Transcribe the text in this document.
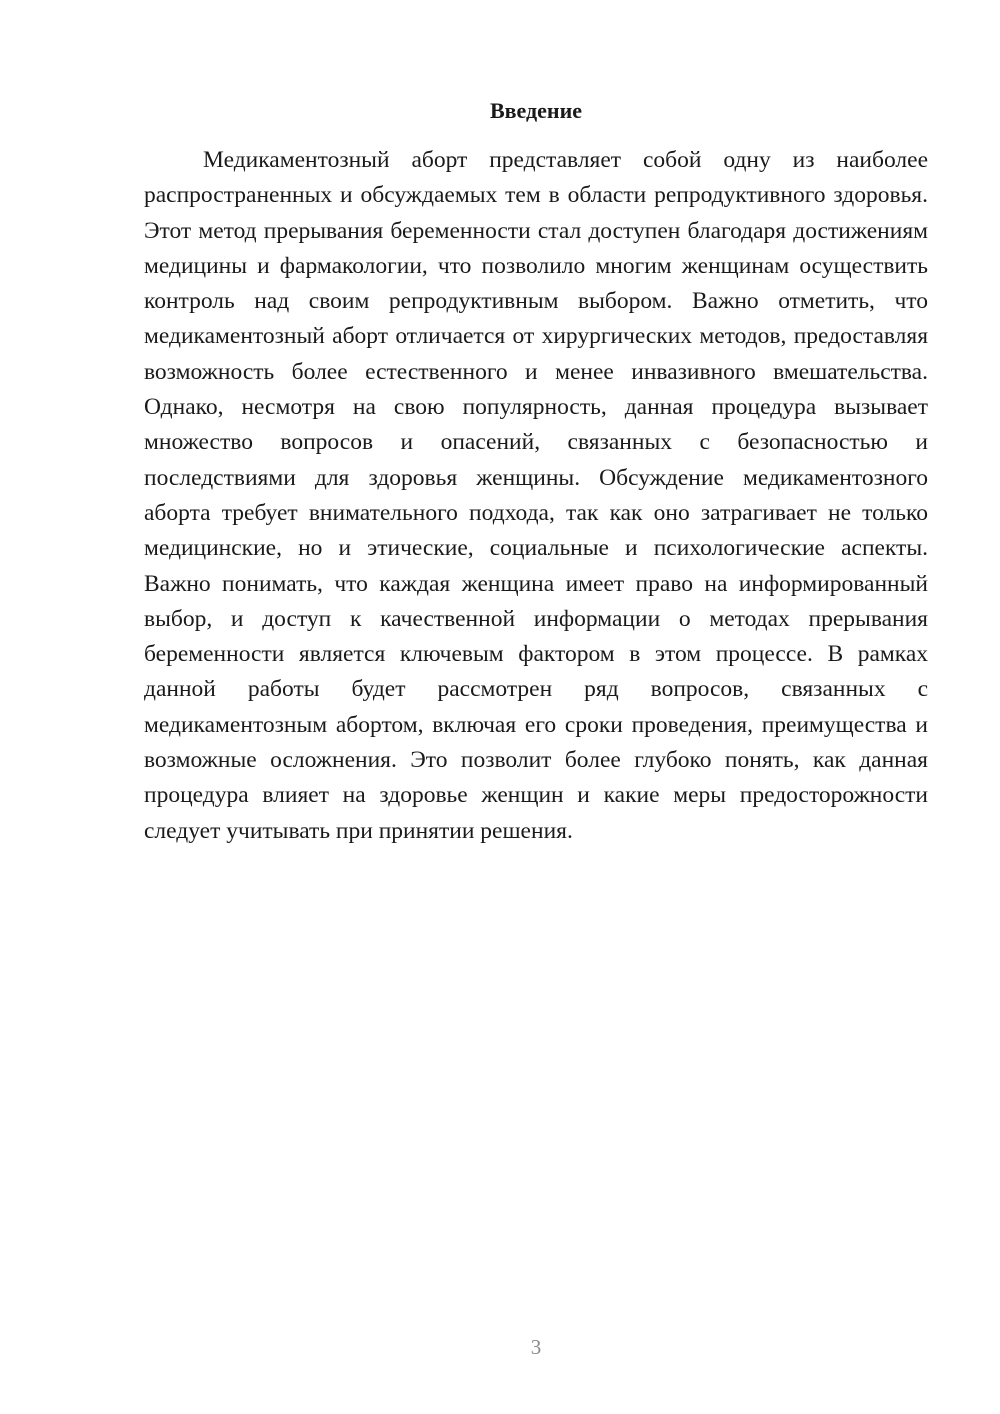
Введение

Медикаментозный аборт представляет собой одну из наиболее распространенных и обсуждаемых тем в области репродуктивного здоровья. Этот метод прерывания беременности стал доступен благодаря достижениям медицины и фармакологии, что позволило многим женщинам осуществить контроль над своим репродуктивным выбором. Важно отметить, что медикаментозный аборт отличается от хирургических методов, предоставляя возможность более естественного и менее инвазивного вмешательства. Однако, несмотря на свою популярность, данная процедура вызывает множество вопросов и опасений, связанных с безопасностью и последствиями для здоровья женщины. Обсуждение медикаментозного аборта требует внимательного подхода, так как оно затрагивает не только медицинские, но и этические, социальные и психологические аспекты. Важно понимать, что каждая женщина имеет право на информированный выбор, и доступ к качественной информации о методах прерывания беременности является ключевым фактором в этом процессе. В рамках данной работы будет рассмотрен ряд вопросов, связанных с медикаментозным абортом, включая его сроки проведения, преимущества и возможные осложнения. Это позволит более глубоко понять, как данная процедура влияет на здоровье женщин и какие меры предосторожности следует учитывать при принятии решения.

3
